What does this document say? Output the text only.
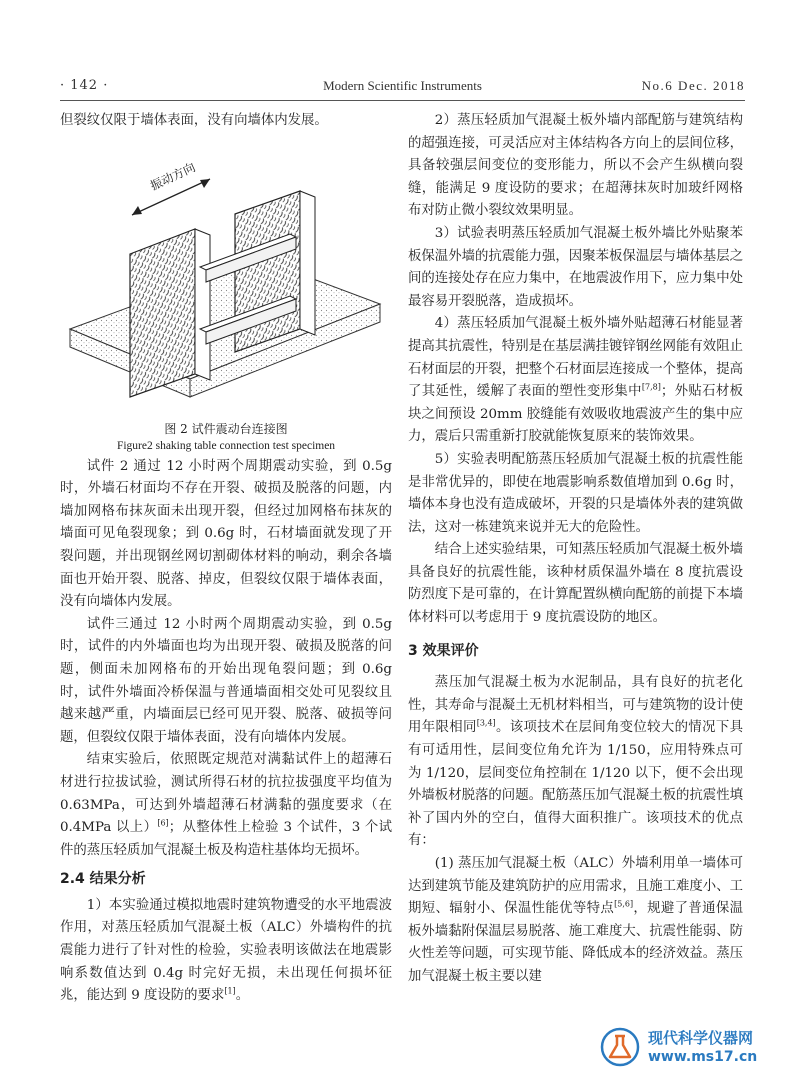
· 142 ·	Modern Scientific Instruments	No.6 Dec. 2018

但裂纹仅限于墙体表面，没有向墙体内发展。

振动方向
图 2 试件震动台连接图
Figure2 shaking table connection test specimen

试件 2 通过 12 小时两个周期震动实验，到 0.5g 时，外墙石材面均不存在开裂、破损及脱落的问题，内墙加网格布抹灰面未出现开裂，但经过加网格布抹灰的墙面可见龟裂现象；到 0.6g 时，石材墙面就发现了开裂问题，并出现钢丝网切割砌体材料的响动，剩余各墙面也开始开裂、脱落、掉皮，但裂纹仅限于墙体表面，没有向墙体内发展。

试件三通过 12 小时两个周期震动实验，到 0.5g 时，试件的内外墙面也均为出现开裂、破损及脱落的问题，侧面未加网格布的开始出现龟裂问题；到 0.6g 时，试件外墙面冷桥保温与普通墙面相交处可见裂纹且越来越严重，内墙面层已经可见开裂、脱落、破损等问题，但裂纹仅限于墙体表面，没有向墙体内发展。

结束实验后，依照既定规范对满黏试件上的超薄石材进行拉拔试验，测试所得石材的抗拉拔强度平均值为 0.63MPa，可达到外墙超薄石材满黏的强度要求（在 0.4MPa 以上）[6]；从整体性上检验 3 个试件，3 个试件的蒸压轻质加气混凝土板及构造柱基体均无损坏。

2.4 结果分析

1）本实验通过模拟地震时建筑物遭受的水平地震波作用，对蒸压轻质加气混凝土板（ALC）外墙构件的抗震能力进行了针对性的检验，实验表明该做法在地震影响系数值达到 0.4g 时完好无损，未出现任何损坏征兆，能达到 9 度设防的要求[1]。

2）蒸压轻质加气混凝土板外墙内部配筋与建筑结构的超强连接，可灵活应对主体结构各方向上的层间位移，具备较强层间变位的变形能力，所以不会产生纵横向裂缝，能满足 9 度设防的要求；在超薄抹灰时加玻纤网格布对防止微小裂纹效果明显。

3）试验表明蒸压轻质加气混凝土板外墙比外贴聚苯板保温外墙的抗震能力强，因聚苯板保温层与墙体基层之间的连接处存在应力集中，在地震波作用下，应力集中处最容易开裂脱落，造成损坏。

4）蒸压轻质加气混凝土板外墙外贴超薄石材能显著提高其抗震性，特别是在基层满挂镀锌钢丝网能有效阻止石材面层的开裂，把整个石材面层连接成一个整体，提高了其延性，缓解了表面的塑性变形集中[7,8]；外贴石材板块之间预设 20mm 胶缝能有效吸收地震波产生的集中应力，震后只需重新打胶就能恢复原来的装饰效果。

5）实验表明配筋蒸压轻质加气混凝土板的抗震性能是非常优异的，即使在地震影响系数值增加到 0.6g 时，墙体本身也没有造成破坏，开裂的只是墙体外表的建筑做法，这对一栋建筑来说并无大的危险性。

结合上述实验结果，可知蒸压轻质加气混凝土板外墙具备良好的抗震性能，该种材质保温外墙在 8 度抗震设防烈度下是可靠的，在计算配置纵横向配筋的前提下本墙体材料可以考虑用于 9 度抗震设防的地区。

3 效果评价

蒸压加气混凝土板为水泥制品，具有良好的抗老化性，其寿命与混凝土无机材料相当，可与建筑物的设计使用年限相同[3,4]。该项技术在层间角变位较大的情况下具有可适用性，层间变位角允许为 1/150，应用特殊点可为 1/120，层间变位角控制在 1/120 以下，便不会出现外墙板材脱落的问题。配筋蒸压加气混凝土板的抗震性填补了国内外的空白，值得大面积推广。该项技术的优点有：

(1) 蒸压加气混凝土板（ALC）外墙利用单一墙体可达到建筑节能及建筑防护的应用需求，且施工难度小、工期短、辐射小、保温性能优等特点[5,6]，规避了普通保温板外墙黏附保温层易脱落、施工难度大、抗震性能弱、防火性差等问题，可实现节能、降低成本的经济效益。蒸压加气混凝土板主要以建

现代科学仪器网
www.ms17.cn
